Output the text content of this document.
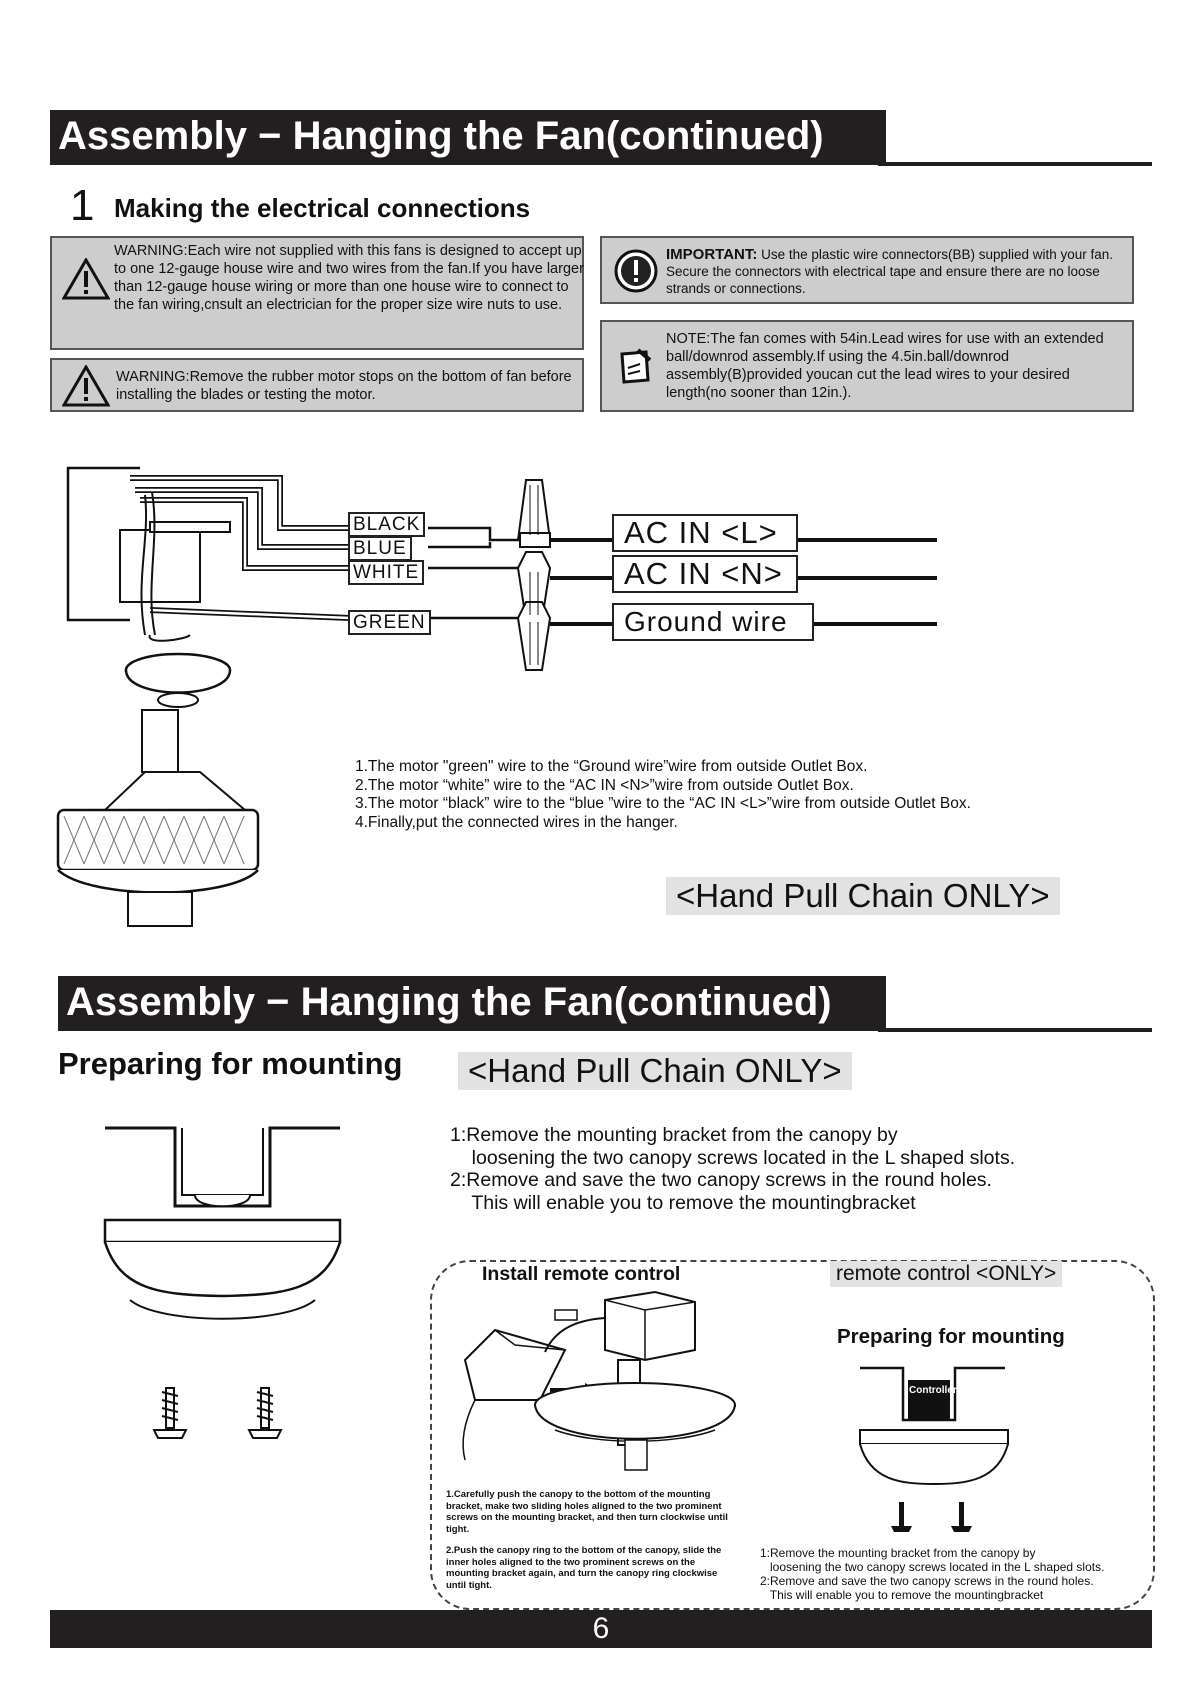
Assembly − Hanging the Fan(continued)
1 Making the electrical connections
WARNING:Each wire not supplied with this fans is designed to accept up to one 12-gauge house wire and two wires from the fan.If you have larger than 12-gauge house wiring or more than one house wire to connect to the fan wiring,cnsult an electrician for the proper size wire nuts to use.
WARNING:Remove the rubber motor stops on the bottom of fan before installing the blades or testing the motor.
IMPORTANT: Use the plastic wire connectors(BB) supplied with your fan. Secure the connectors with electrical tape and ensure there are no loose strands or connections.
NOTE:The fan comes with 54in.Lead wires for use with an extended ball/downrod assembly.If using the 4.5in.ball/downrod assembly(B)provided youcan cut the lead wires to your desired length(no sooner than 12in.).
BLACK
BLUE
WHITE
GREEN
AC IN <L>
AC IN <N>
Ground wire
1.The motor "green" wire to the “Ground wire”wire from outside Outlet Box.
2.The motor “white” wire to the “AC IN <N>”wire from outside Outlet Box.
3.The motor “black” wire to the “blue ”wire to the “AC IN <L>”wire from outside Outlet Box.
4.Finally,put the connected wires in the hanger.
<Hand Pull Chain ONLY>
Assembly − Hanging the Fan(continued)
Preparing for mounting	<Hand Pull Chain ONLY>
1:Remove the mounting bracket from the canopy by
loosening the two canopy screws located in the L shaped slots.
2:Remove and save the two canopy screws in the round holes.
This will enable you to remove the mountingbracket
Install remote control	remote control <ONLY>
Preparing for mounting
1.Carefully push the canopy to the bottom of the mounting bracket, make two sliding holes aligned to the two prominent screws on the mounting bracket, and then turn clockwise until tight.
2.Push the canopy ring to the bottom of the canopy, slide the inner holes aligned to the two prominent screws on the mounting bracket again, and turn the canopy ring clockwise until tight.
Controller
1:Remove the mounting bracket from the canopy by
loosening the two canopy screws located in the L shaped slots.
2:Remove and save the two canopy screws in the round holes.
This will enable you to remove the mountingbracket
6
